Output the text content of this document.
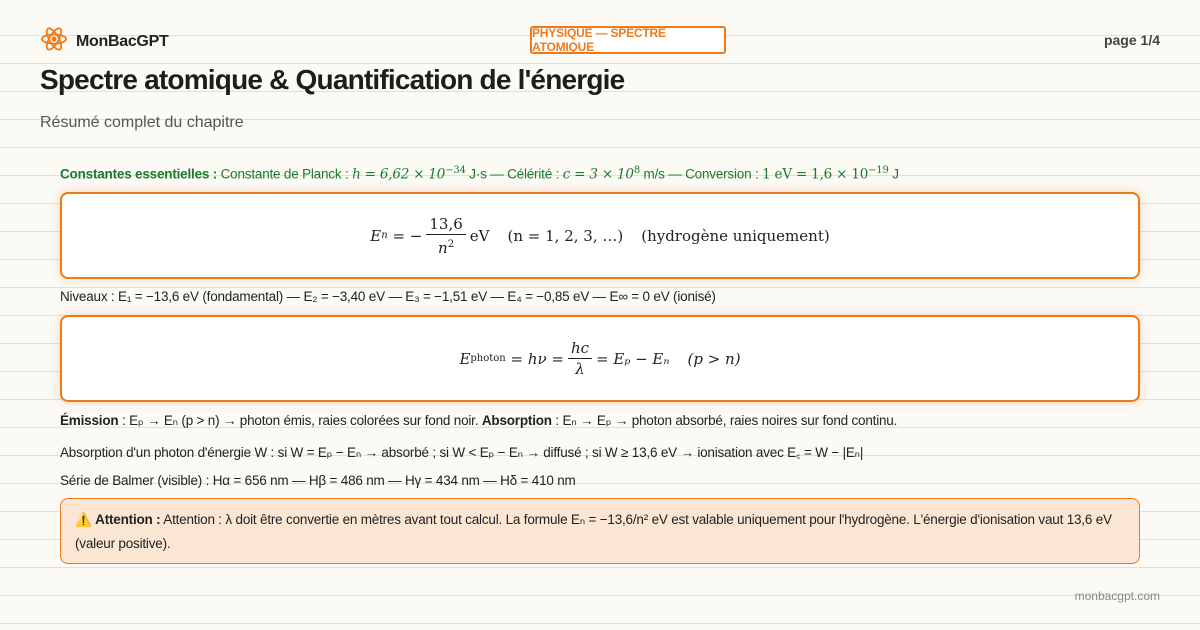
MonBacGPT	PHYSIQUE — SPECTRE ATOMIQUE	page 1/4
Spectre atomique & Quantification de l'énergie
Résumé complet du chapitre
Constantes essentielles : Constante de Planck : $h = 6,62 \times 10^{-34}$ J·s — Célérité : $c = 3 \times 10^8$ m/s — Conversion : 1 eV = $1,6 \times 10^{-19}$ J
E n
= − $\frac{13,6}{n^2}$ eV (n = 1, 2, 3, …) (hydrogène uniquement)
Niveaux : E₁ = −13,6 eV (fondamental) — E₂ = −3,40 eV — E₃ = −1,51 eV — E₄ = −0,85 eV — E∞ = 0 eV (ionisé)
E photon
= $h\nu = \frac{hc}{\lambda} = E_p - E_n$ (p > n)
Émission : Eₚ → Eₙ (p > n) → photon émis, raies colorées sur fond noir. Absorption : Eₙ → Eₚ → photon absorbé, raies noires sur fond continu.
Absorption d'un photon d'énergie W : si W = Eₚ − Eₙ → absorbé ; si W < Eₚ − Eₙ → diffusé ; si W ≥ 13,6 eV → ionisation avec E꜀ = W − |Eₙ|
Série de Balmer (visible) : Hα = 656 nm — Hβ = 486 nm — Hγ = 434 nm — Hδ = 410 nm
⚠️ Attention : Attention : λ doit être convertie en mètres avant tout calcul. La formule Eₙ = −13,6/n² eV est valable uniquement pour l'hydrogène. L'énergie d'ionisation vaut 13,6 eV (valeur positive).
monbacgpt.com
